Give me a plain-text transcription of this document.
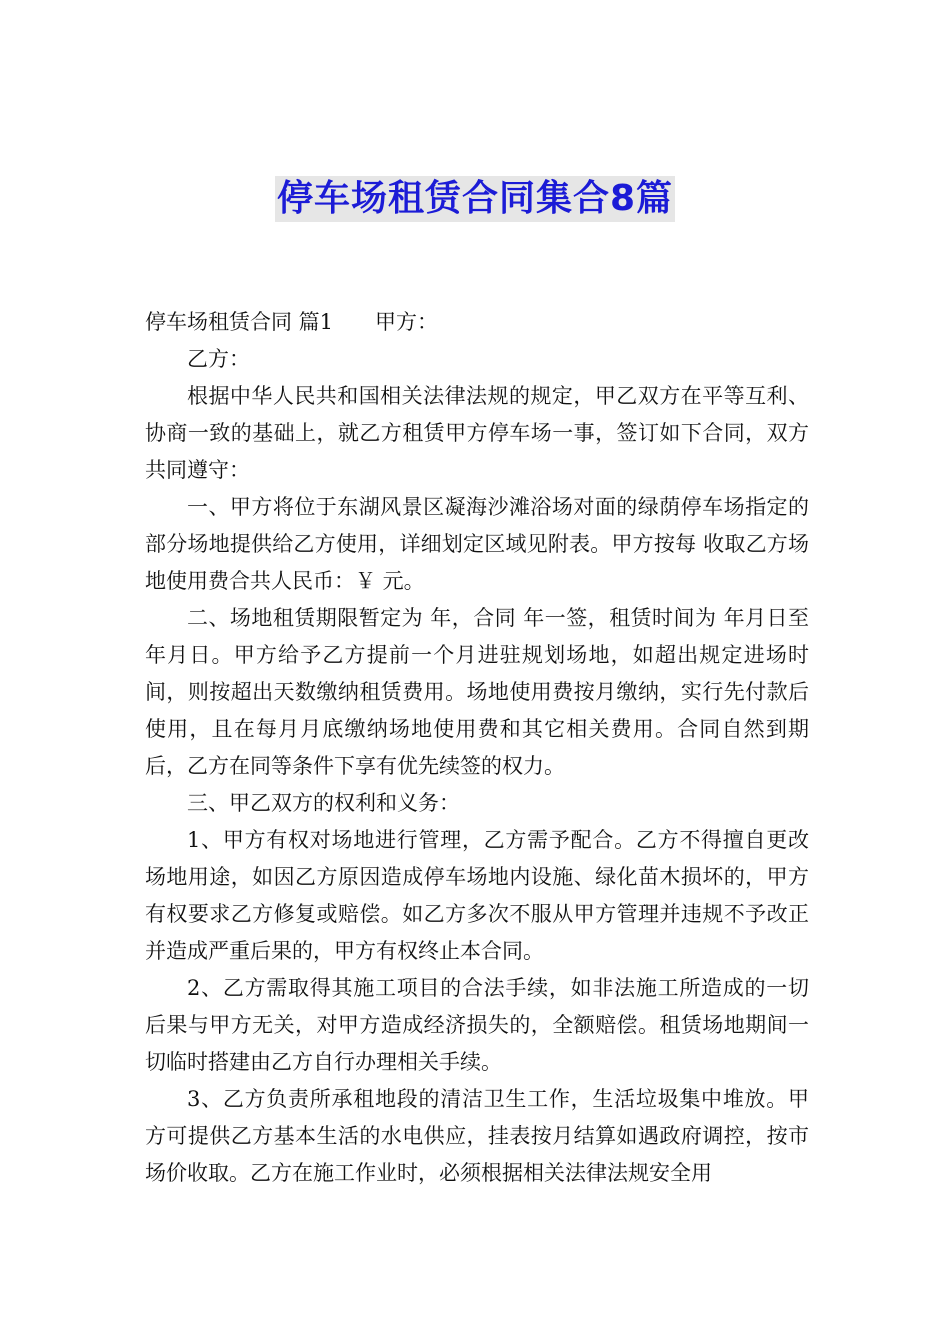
停车场租赁合同集合8篇

停车场租赁合同 篇1 甲方：

乙方：

根据中华人民共和国相关法律法规的规定，甲乙双方在平等互利、协商一致的基础上，就乙方租赁甲方停车场一事，签订如下合同，双方共同遵守：

一、甲方将位于东湖风景区凝海沙滩浴场对面的绿荫停车场指定的部分场地提供给乙方使用，详细划定区域见附表。甲方按每 收取乙方场地使用费合共人民币：￥ 元。

二、场地租赁期限暂定为 年，合同 年一签，租赁时间为 年月日至年月日。甲方给予乙方提前一个月进驻规划场地，如超出规定进场时间，则按超出天数缴纳租赁费用。场地使用费按月缴纳，实行先付款后使用，且在每月月底缴纳场地使用费和其它相关费用。合同自然到期后，乙方在同等条件下享有优先续签的权力。

三、甲乙双方的权利和义务：

1、甲方有权对场地进行管理，乙方需予配合。乙方不得擅自更改场地用途，如因乙方原因造成停车场地内设施、绿化苗木损坏的，甲方有权要求乙方修复或赔偿。如乙方多次不服从甲方管理并违规不予改正并造成严重后果的，甲方有权终止本合同。

2、乙方需取得其施工项目的合法手续，如非法施工所造成的一切后果与甲方无关，对甲方造成经济损失的，全额赔偿。租赁场地期间一切临时搭建由乙方自行办理相关手续。

3、乙方负责所承租地段的清洁卫生工作，生活垃圾集中堆放。甲方可提供乙方基本生活的水电供应，挂表按月结算如遇政府调控，按市场价收取。乙方在施工作业时，必须根据相关法律法规安全用
